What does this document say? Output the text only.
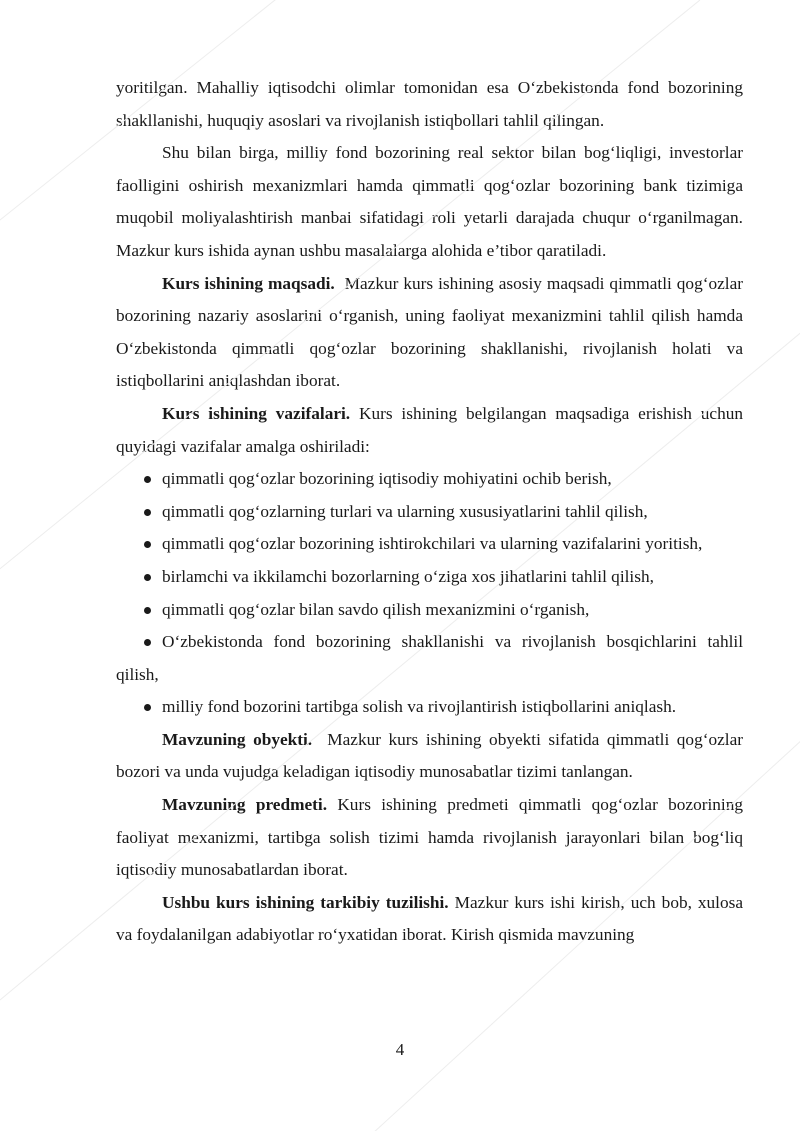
yoritilgan. Mahalliy iqtisodchi olimlar tomonidan esa O‘zbekistonda fond bozorining shakllanishi, huquqiy asoslari va rivojlanish istiqbollari tahlil qilingan.

Shu bilan birga, milliy fond bozorining real sektor bilan bog‘liqligi, investorlar faolligini oshirish mexanizmlari hamda qimmatli qog‘ozlar bozorining bank tizimiga muqobil moliyalashtirish manbai sifatidagi roli yetarli darajada chuqur o‘rganilmagan. Mazkur kurs ishida aynan ushbu masalalarga alohida e’tibor qaratiladi.

Kurs ishining maqsadi. Mazkur kurs ishining asosiy maqsadi qimmatli qog‘ozlar bozorining nazariy asoslarini o‘rganish, uning faoliyat mexanizmini tahlil qilish hamda O‘zbekistonda qimmatli qog‘ozlar bozorining shakllanishi, rivojlanish holati va istiqbollarini aniqlashdan iborat.

Kurs ishining vazifalari. Kurs ishining belgilangan maqsadiga erishish uchun quyidagi vazifalar amalga oshiriladi:

qimmatli qog‘ozlar bozorining iqtisodiy mohiyatini ochib berish,
qimmatli qog‘ozlarning turlari va ularning xususiyatlarini tahlil qilish,
qimmatli qog‘ozlar bozorining ishtirokchilari va ularning vazifalarini yoritish,
birlamchi va ikkilamchi bozorlarning o‘ziga xos jihatlarini tahlil qilish,
qimmatli qog‘ozlar bilan savdo qilish mexanizmini o‘rganish,
O‘zbekistonda fond bozorining shakllanishi va rivojlanish bosqichlarini tahlil qilish,
milliy fond bozorini tartibga solish va rivojlantirish istiqbollarini aniqlash.

Mavzuning obyekti. Mazkur kurs ishining obyekti sifatida qimmatli qog‘ozlar bozori va unda vujudga keladigan iqtisodiy munosabatlar tizimi tanlangan.

Mavzuning predmeti. Kurs ishining predmeti qimmatli qog‘ozlar bozorining faoliyat mexanizmi, tartibga solish tizimi hamda rivojlanish jarayonlari bilan bog‘liq iqtisodiy munosabatlardan iborat.

Ushbu kurs ishining tarkibiy tuzilishi. Mazkur kurs ishi kirish, uch bob, xulosa va foydalanilgan adabiyotlar ro‘yxatidan iborat. Kirish qismida mavzuning

4
